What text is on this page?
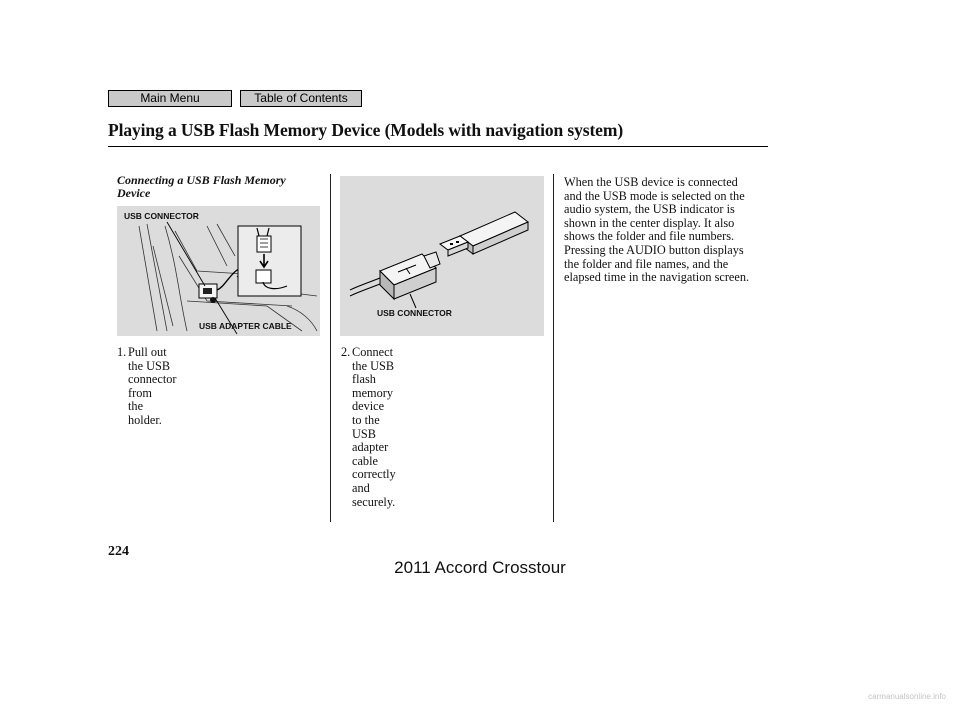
Main Menu	Table of Contents
Playing a USB Flash Memory Device (Models with navigation system)
Connecting a USB Flash Memory
Device
USB CONNECTOR
USB ADAPTER CABLE
USB CONNECTOR
1. Pull out the USB connector from
the holder.
2. Connect the USB flash memory
device to the USB adapter cable
correctly and securely.
When the USB device is connected
and the USB mode is selected on the
audio system, the USB indicator is
shown in the center display. It also
shows the folder and file numbers.
Pressing the AUDIO button displays
the folder and file names, and the
elapsed time in the navigation screen.
224
2011 Accord Crosstour
carmanualsonline.info
